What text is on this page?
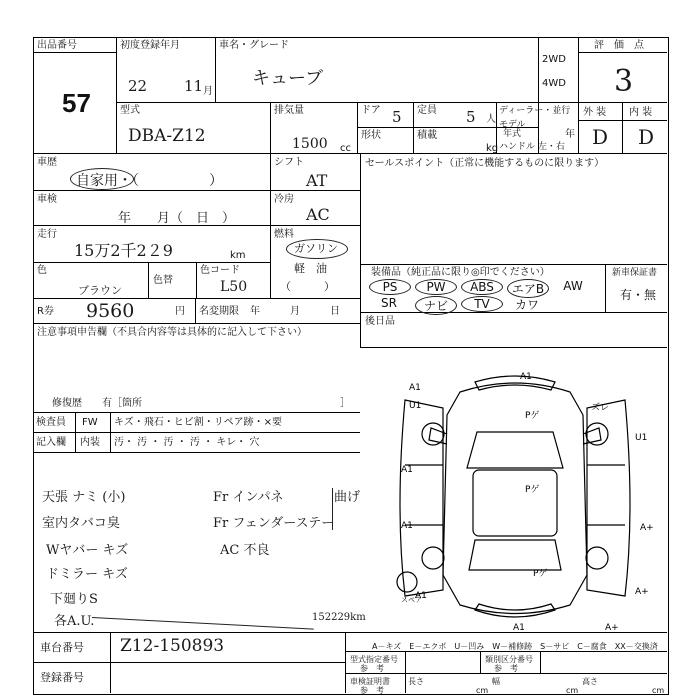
出品番号
57
初度登録年月
22 11 月
車名・グレード
キューブ
2WD
4WD
評　価　点
3
外 装 内 装
D D
型式
DBA-Z12
排気量
1500 cc
ドア 5 定員 5 人
ディーラー・並行
モデル
年式	年
形状	積載
kg ハンドル 左・右
車歴
自家用・（　　　　　）
車検
年　　月（　日　）
走行
15万2千2２9	km
色
ブラウン
色替
色コード
L50
シフト
AT
冷房
AC
燃料
ガソリン
軽　油
（　　　）
R券 9560	円 名変期限 年　　　月　　　日
注意事項申告欄（不具合内容等は具体的に記入して下さい）
修復歴　　有［箇所	］
検査員
記入欄
FW キズ・飛石・ヒビ割・リペア跡・×要
内装 汚・ 汚 ・ 汚 ・ 汚 ・ キレ・ 穴
天張 ナミ (小)
室内タバコ臭
Wヤバー キズ
ドミラー キズ
下廻りS
各A.U.
Fr インパネ
Fr フェンダーステー
AC 不良
曲げ
152229km
セールスポイント（正常に機能するものに限ります）
装備品（純正品に限り◎印でください）	新車保証書
有・無
PS	PW	ABS	エアB	AW
SR	ナビ	TV	カワ
後日品
A1
A1
ズレ
U1
U1
A1
A1
A1
A1
A+
A+
A+
Pゲ
Pゲ
Pゲ
スペア
A－キズ　E－エクボ　U－凹み　W－補修跡　S－サビ　C－腐食　XX－交換済
車台番号 Z12-150893
登録番号
型式指定番号
参　考
類別区分番号
参　考
車検証明書
参　考
長さ
cm
幅
cm
高さ
cm
